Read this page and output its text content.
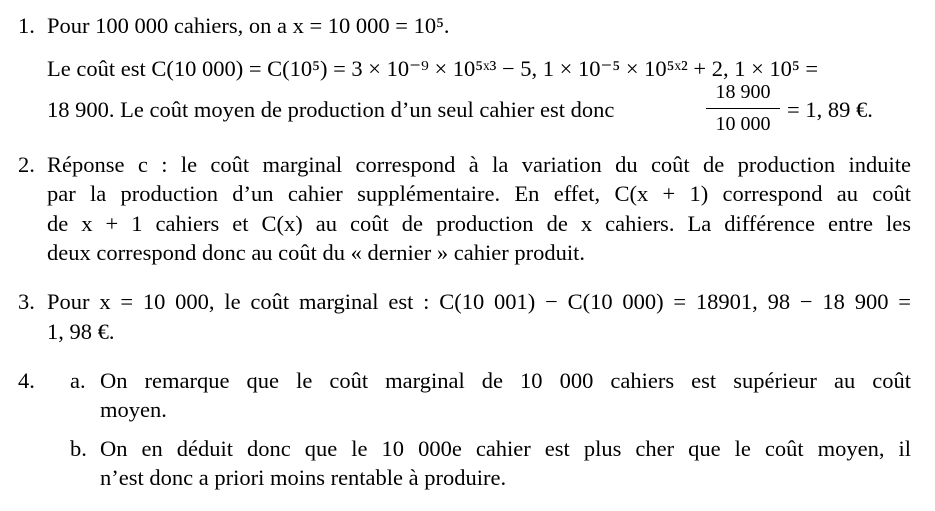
1. Pour 100 000 cahiers, on a x = 10 000 = 10⁵.
Le coût est C(10 000) = C(10⁵) = 3 × 10⁻⁹ × 10⁵ˣ³ − 5, 1 × 10⁻⁵ × 10⁵ˣ² + 2, 1 × 10⁵ =
18 900. Le coût moyen de production d’un seul cahier est donc
18 900
10 000
= 1, 89 €.
2. Réponse c : le coût marginal correspond à la variation du coût de production induite
par la production d’un cahier supplémentaire. En effet, C(x + 1) correspond au coût
de x + 1 cahiers et C(x) au coût de production de x cahiers. La différence entre les
deux correspond donc au coût du « dernier » cahier produit.
3. Pour x = 10 000, le coût marginal est : C(10 001) − C(10 000) = 18901, 98 − 18 900 =
1, 98 €.
4. a. On remarque que le coût marginal de 10 000 cahiers est supérieur au coût
moyen.
b. On en déduit donc que le 10 000e cahier est plus cher que le coût moyen, il
n’est donc a priori moins rentable à produire.
